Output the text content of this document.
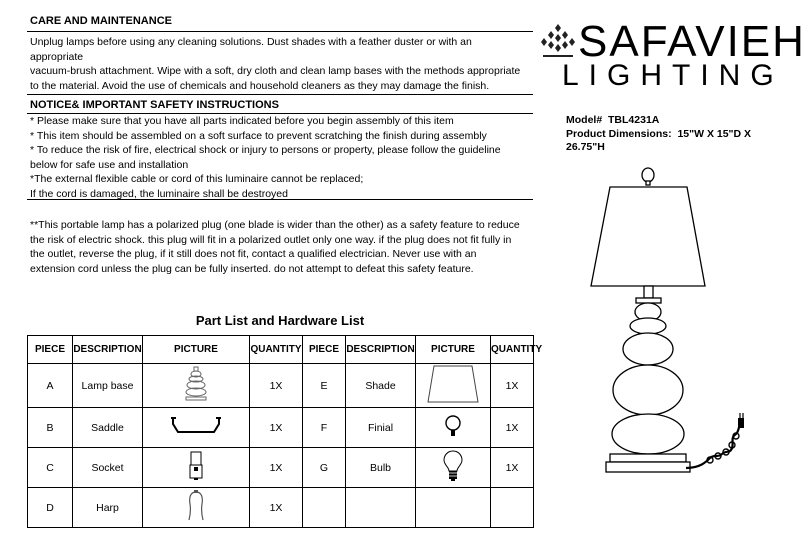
CARE AND MAINTENANCE
Unplug lamps before using any cleaning solutions. Dust shades with a feather duster or with an
appropriate
vacuum-brush attachment. Wipe with a soft, dry cloth and clean lamp bases with the methods appropriate
to the material. Avoid the use of chemicals and household cleaners as they may damage the finish.
NOTICE& IMPORTANT SAFETY INSTRUCTIONS
* Please make sure that you have all parts indicated before you begin assembly of this item
* This item should be assembled on a soft surface to prevent scratching the finish during assembly
* To reduce the risk of fire, electrical shock or injury to persons or property, please follow the guideline
below for safe use and installation
*The external flexible cable or cord of this luminaire cannot be replaced;
If the cord is damaged, the luminaire shall be destroyed
**This portable lamp has a polarized plug (one blade is wider than the other) as a safety feature to reduce
the risk of electric shock. this plug will fit in a polarized outlet only one way. if the plug does not fit fully in
the outlet, reverse the plug, if it still does not fit, contact a qualified electrician. Never use with an
extension cord unless the plug can be fully inserted. do not attempt to defeat this safety feature.
SAFAVIEH
LIGHTING
Model# TBL4231A
Product Dimensions: 15"W X 15"D X
26.75"H
Part List and Hardware List
PIECE	DESCRIPTION	PICTURE	QUANTITY	PIECE	DESCRIPTION	PICTURE	QUANTITY
A	Lamp base		1X	E	Shade		1X
B	Saddle		1X	F	Finial		1X
C	Socket		1X	G	Bulb		1X
D	Harp		1X				
